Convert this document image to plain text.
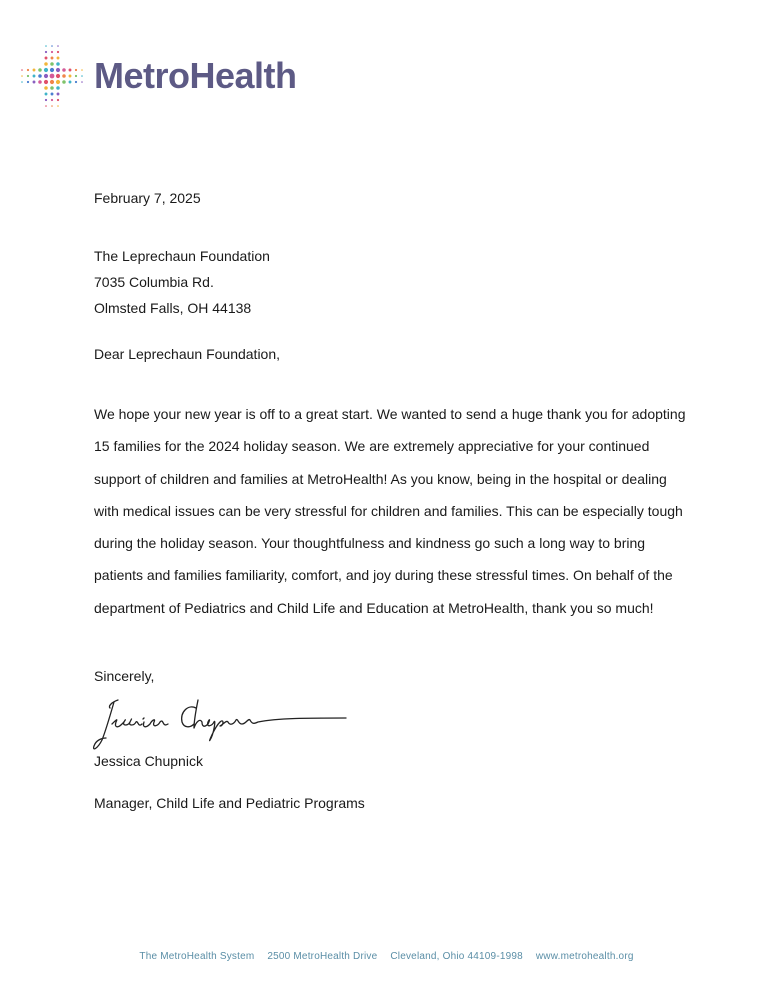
MetroHealth
February 7, 2025
The Leprechaun Foundation
7035 Columbia Rd.
Olmsted Falls, OH 44138
Dear Leprechaun Foundation,
We hope your new year is off to a great start. We wanted to send a huge thank you for adopting 15 families for the 2024 holiday season. We are extremely appreciative for your continued support of children and families at MetroHealth! As you know, being in the hospital or dealing with medical issues can be very stressful for children and families. This can be especially tough during the holiday season. Your thoughtfulness and kindness go such a long way to bring patients and families familiarity, comfort, and joy during these stressful times. On behalf of the department of Pediatrics and Child Life and Education at MetroHealth, thank you so much!
Sincerely,
Jessica Chupnick
Manager, Child Life and Pediatric Programs
The MetroHealth System 2500 MetroHealth Drive Cleveland, Ohio 44109-1998 www.metrohealth.org
